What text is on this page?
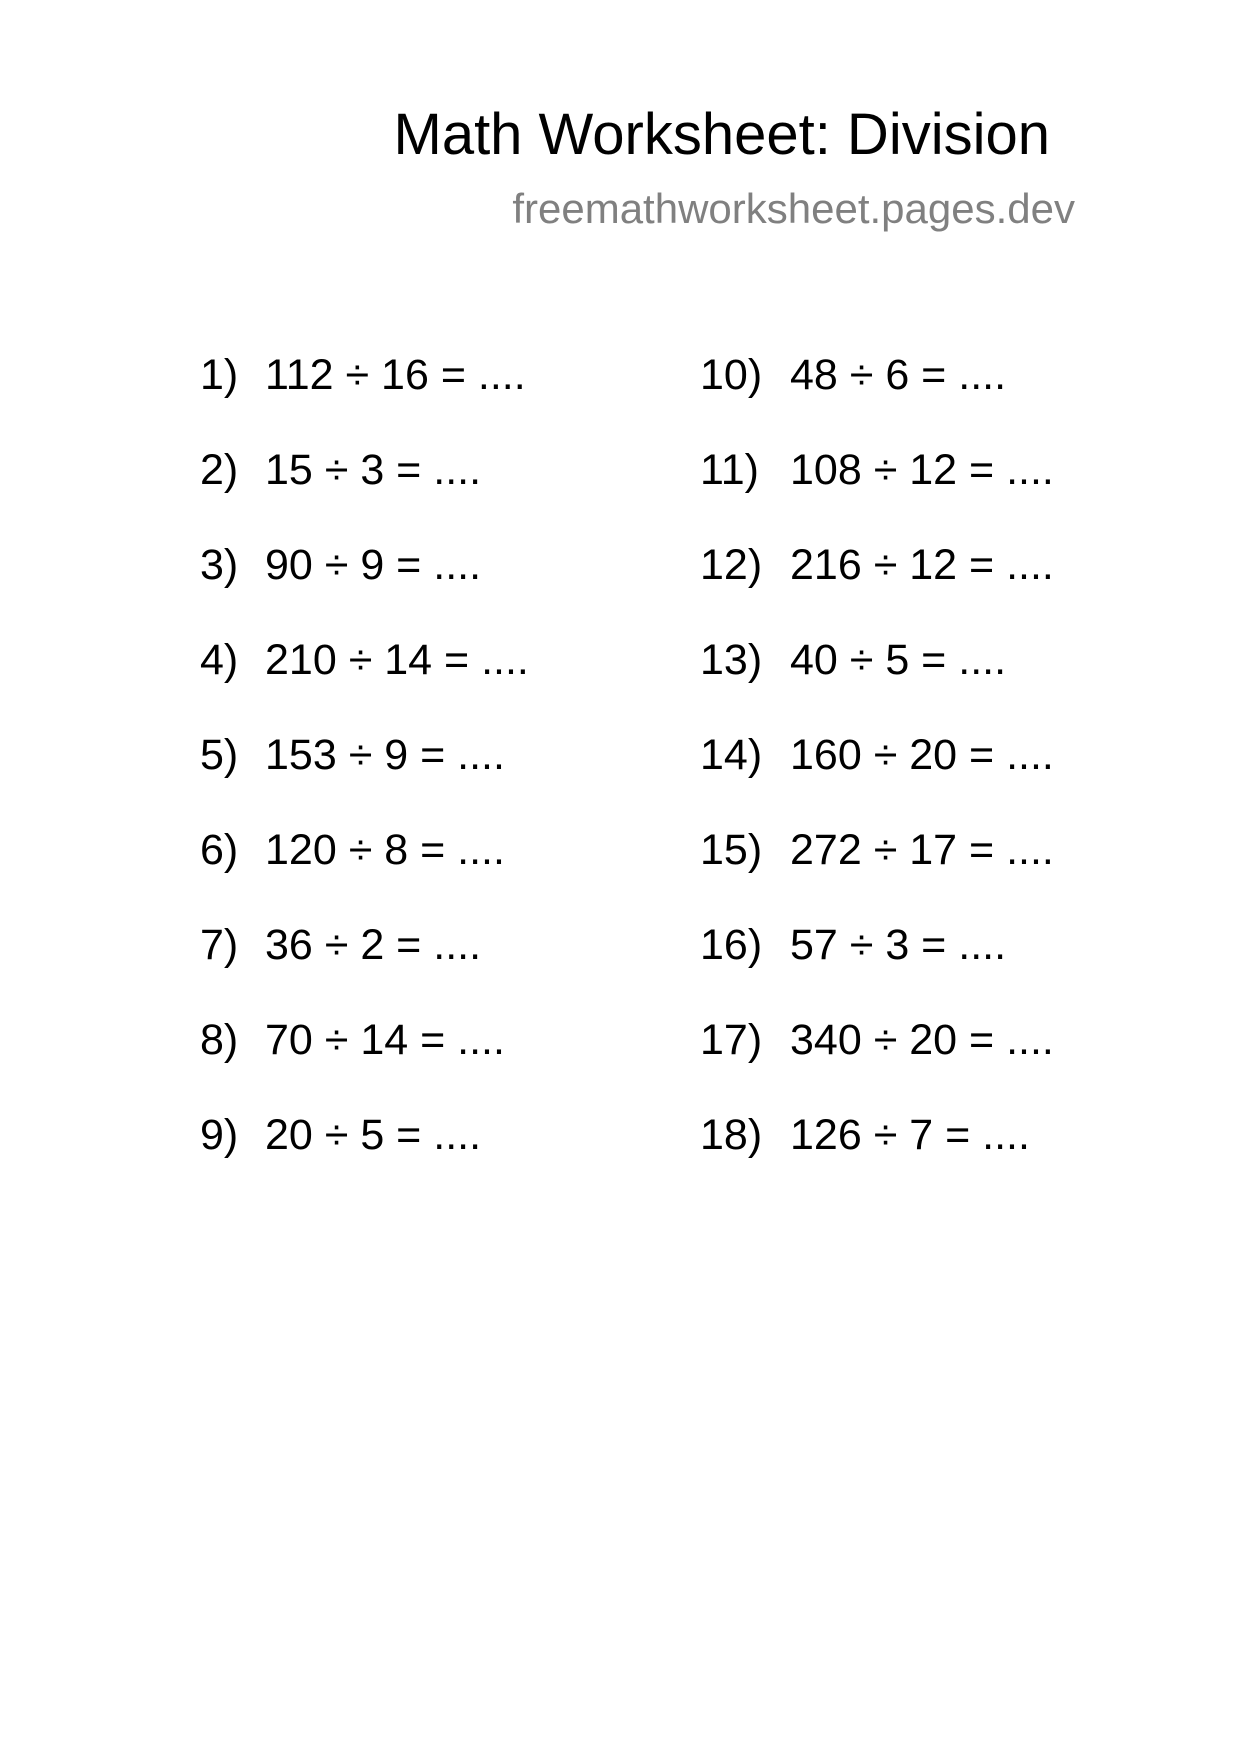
Math Worksheet: Division
freemathworksheet.pages.dev
1) 112 ÷ 16 = ....
2) 15 ÷ 3 = ....
3) 90 ÷ 9 = ....
4) 210 ÷ 14 = ....
5) 153 ÷ 9 = ....
6) 120 ÷ 8 = ....
7) 36 ÷ 2 = ....
8) 70 ÷ 14 = ....
9) 20 ÷ 5 = ....
10) 48 ÷ 6 = ....
11) 108 ÷ 12 = ....
12) 216 ÷ 12 = ....
13) 40 ÷ 5 = ....
14) 160 ÷ 20 = ....
15) 272 ÷ 17 = ....
16) 57 ÷ 3 = ....
17) 340 ÷ 20 = ....
18) 126 ÷ 7 = ....
